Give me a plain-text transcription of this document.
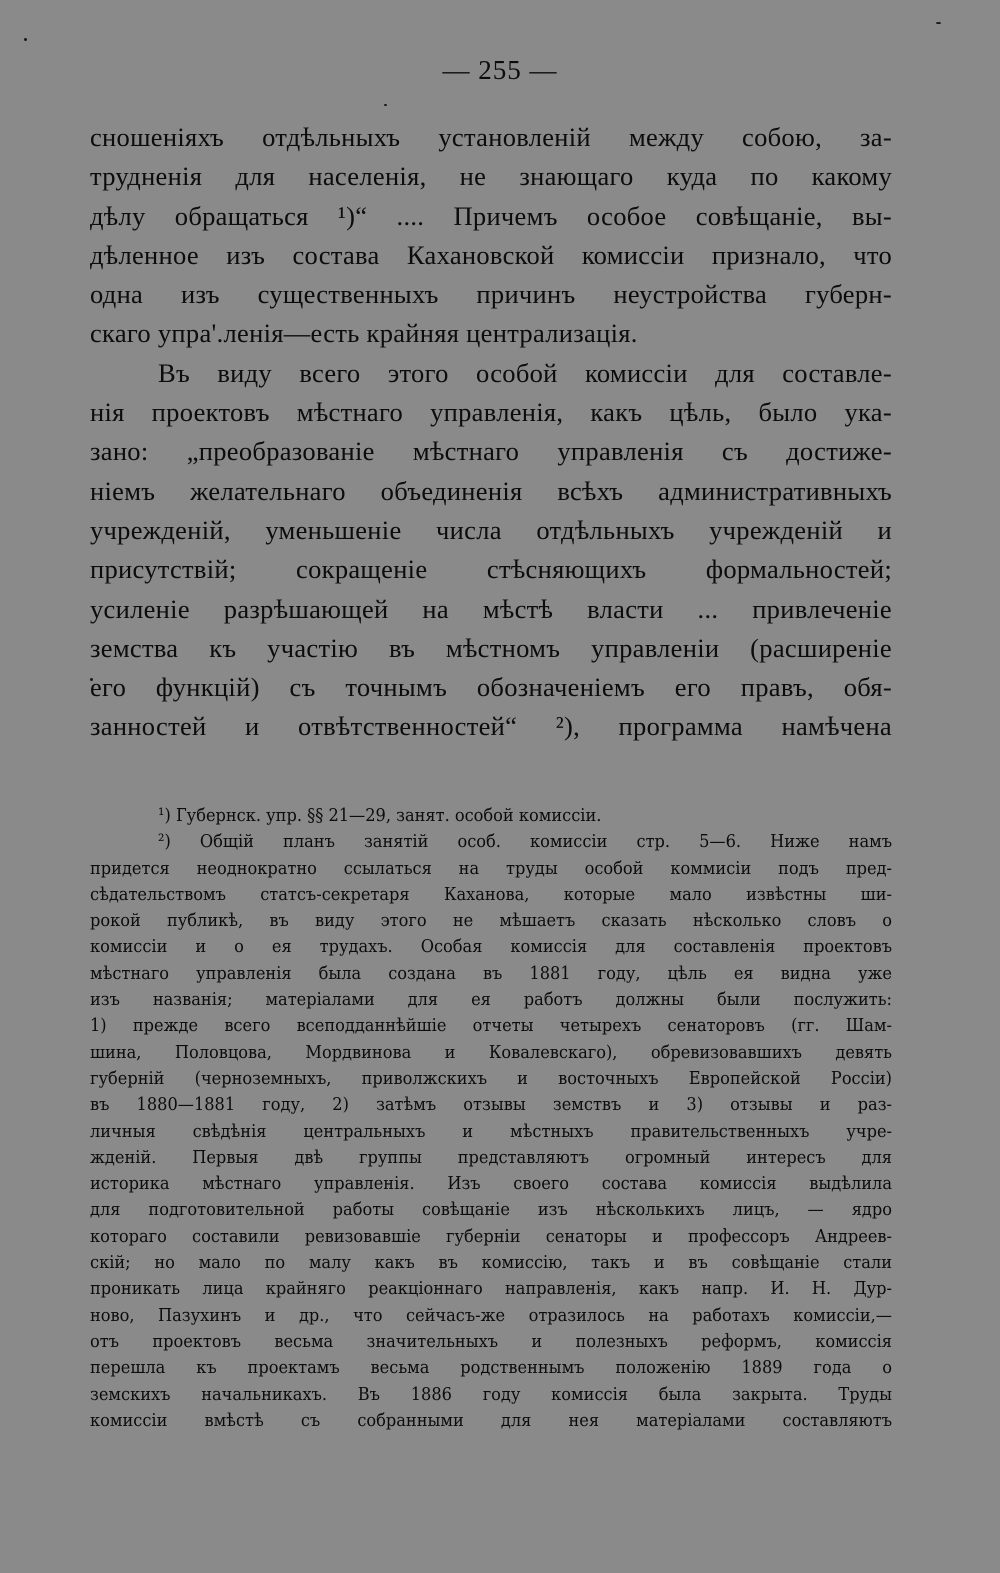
— 255 —
сношеніяхъ отдѣльныхъ установленій между собою, за-
трудненія для населенія, не знающаго куда по какому
дѣлу обращаться ¹)“ .... Причемъ особое совѣщаніе, вы-
дѣленное изъ состава Кахановской комиссіи признало, что
одна изъ существенныхъ причинъ неустройства губерн-
скаго упра'.ленія—есть крайняя централизація.
Въ виду всего этого особой комиссіи для составле-
нія проектовъ мѣстнаго управленія, какъ цѣль, было ука-
зано: „преобразованіе мѣстнаго управленія съ достиже-
ніемъ желательнаго объединенія всѣхъ административныхъ
учрежденій, уменьшеніе числа отдѣльныхъ учрежденій и
присутствій; сокращеніе стѣсняющихъ формальностей;
усиленіе разрѣшающей на мѣстѣ власти ... привлеченіе
земства къ участію въ мѣстномъ управленіи (расширеніе
его функцій) съ точнымъ обозначеніемъ его правъ, обя-
занностей и отвѣтственностей“ ²), программа намѣчена
¹) Губернск. упр. §§ 21—29, занят. особой комиссіи.
²) Общій планъ занятій особ. комиссіи стр. 5—6. Ниже намъ
придется неоднократно ссылаться на труды особой коммисіи подъ пред-
сѣдательствомъ статсъ-секретаря Каханова, которые мало извѣстны ши-
рокой публикѣ, въ виду этого не мѣшаетъ сказать нѣсколько словъ о
комиссіи и о ея трудахъ. Особая комиссія для составленія проектовъ
мѣстнаго управленія была создана въ 1881 году, цѣль ея видна уже
изъ названія; матеріалами для ея работъ должны были послужить:
1) прежде всего всеподданнѣйшіе отчеты четырехъ сенаторовъ (гг. Шам-
шина, Половцова, Мордвинова и Ковалевскаго), обревизовавшихъ девять
губерній (черноземныхъ, приволжскихъ и восточныхъ Европейской Россіи)
въ 1880—1881 году, 2) затѣмъ отзывы земствъ и 3) отзывы и раз-
личныя свѣдѣнія центральныхъ и мѣстныхъ правительственныхъ учре-
жденій. Первыя двѣ группы представляютъ огромный интересъ для
историка мѣстнаго управленія. Изъ своего состава комиссія выдѣлила
для подготовительной работы совѣщаніе изъ нѣсколькихъ лицъ, — ядро
котораго составили ревизовавшіе губерніи сенаторы и профессоръ Андреев-
скій; но мало по малу какъ въ комиссію, такъ и въ совѣщаніе стали
проникать лица крайняго реакціоннаго направленія, какъ напр. И. Н. Дур-
ново, Пазухинъ и др., что сейчасъ-же отразилось на работахъ комиссіи,—
отъ проектовъ весьма значительныхъ и полезныхъ реформъ, комиссія
перешла къ проектамъ весьма родственнымъ положенію 1889 года о
земскихъ начальникахъ. Въ 1886 году комиссія была закрыта. Труды
комиссіи вмѣстѣ съ собранными для нея матеріалами составляютъ
